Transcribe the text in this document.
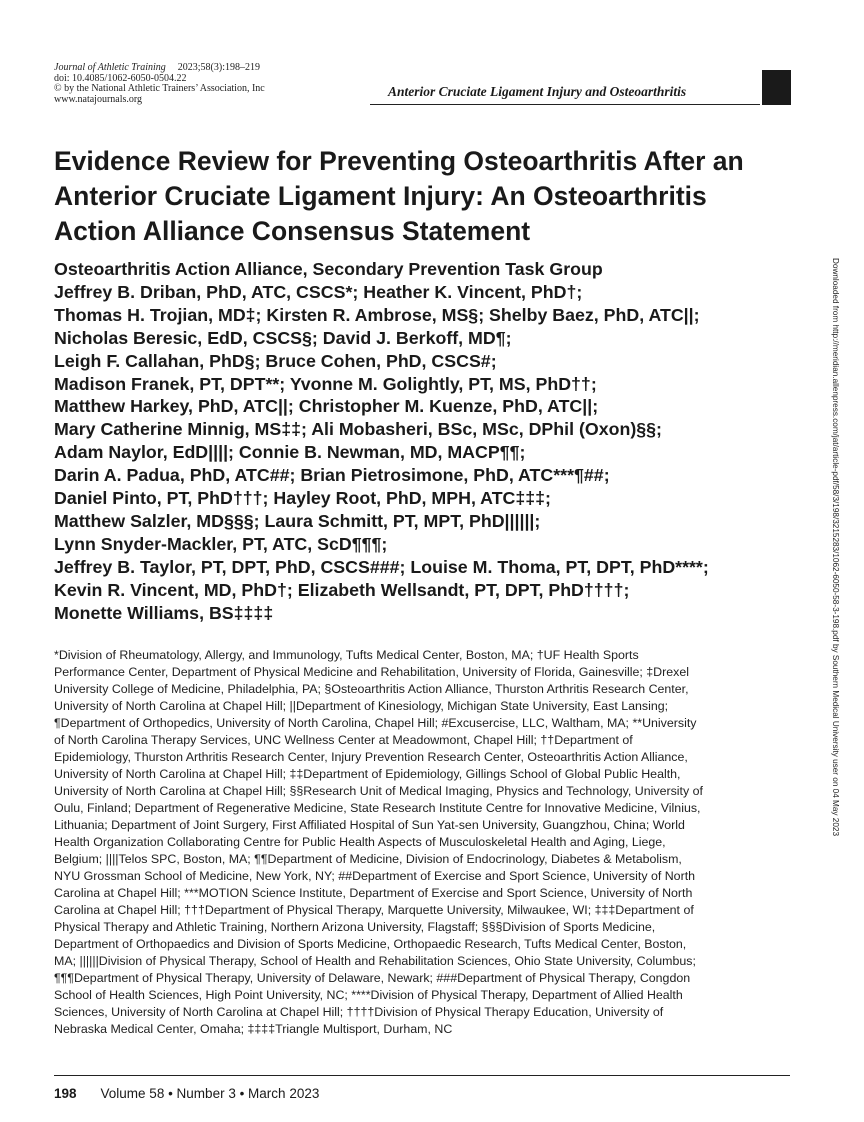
Journal of Athletic Training 2023;58(3):198–219
doi: 10.4085/1062-6050-0504.22
© by the National Athletic Trainers’ Association, Inc
www.natajournals.org	Anterior Cruciate Ligament Injury and Osteoarthritis
Evidence Review for Preventing Osteoarthritis After an
Anterior Cruciate Ligament Injury: An Osteoarthritis
Action Alliance Consensus Statement
Osteoarthritis Action Alliance, Secondary Prevention Task Group
Jeffrey B. Driban, PhD, ATC, CSCS*; Heather K. Vincent, PhD†;
Thomas H. Trojian, MD‡; Kirsten R. Ambrose, MS§; Shelby Baez, PhD, ATC||;
Nicholas Beresic, EdD, CSCS§; David J. Berkoff, MD¶;
Leigh F. Callahan, PhD§; Bruce Cohen, PhD, CSCS#;
Madison Franek, PT, DPT**; Yvonne M. Golightly, PT, MS, PhD††;
Matthew Harkey, PhD, ATC||; Christopher M. Kuenze, PhD, ATC||;
Mary Catherine Minnig, MS‡‡; Ali Mobasheri, BSc, MSc, DPhil (Oxon)§§;
Adam Naylor, EdD||||; Connie B. Newman, MD, MACP¶¶;
Darin A. Padua, PhD, ATC##; Brian Pietrosimone, PhD, ATC***¶##;
Daniel Pinto, PT, PhD†††; Hayley Root, PhD, MPH, ATC‡‡‡;
Matthew Salzler, MD§§§; Laura Schmitt, PT, MPT, PhD||||||;
Lynn Snyder-Mackler, PT, ATC, ScD¶¶¶;
Jeffrey B. Taylor, PT, DPT, PhD, CSCS###; Louise M. Thoma, PT, DPT, PhD****;
Kevin R. Vincent, MD, PhD†; Elizabeth Wellsandt, PT, DPT, PhD††††;
Monette Williams, BS‡‡‡‡
*Division of Rheumatology, Allergy, and Immunology, Tufts Medical Center, Boston, MA; †UF Health Sports
Performance Center, Department of Physical Medicine and Rehabilitation, University of Florida, Gainesville; ‡Drexel
University College of Medicine, Philadelphia, PA; §Osteoarthritis Action Alliance, Thurston Arthritis Research Center,
University of North Carolina at Chapel Hill; ||Department of Kinesiology, Michigan State University, East Lansing;
¶Department of Orthopedics, University of North Carolina, Chapel Hill; #Excusercise, LLC, Waltham, MA; **University
of North Carolina Therapy Services, UNC Wellness Center at Meadowmont, Chapel Hill; ††Department of
Epidemiology, Thurston Arthritis Research Center, Injury Prevention Research Center, Osteoarthritis Action Alliance,
University of North Carolina at Chapel Hill; ‡‡Department of Epidemiology, Gillings School of Global Public Health,
University of North Carolina at Chapel Hill; §§Research Unit of Medical Imaging, Physics and Technology, University of
Oulu, Finland; Department of Regenerative Medicine, State Research Institute Centre for Innovative Medicine, Vilnius,
Lithuania; Department of Joint Surgery, First Affiliated Hospital of Sun Yat-sen University, Guangzhou, China; World
Health Organization Collaborating Centre for Public Health Aspects of Musculoskeletal Health and Aging, Liege,
Belgium; ||||Telos SPC, Boston, MA; ¶¶Department of Medicine, Division of Endocrinology, Diabetes & Metabolism,
NYU Grossman School of Medicine, New York, NY; ##Department of Exercise and Sport Science, University of North
Carolina at Chapel Hill; ***MOTION Science Institute, Department of Exercise and Sport Science, University of North
Carolina at Chapel Hill; †††Department of Physical Therapy, Marquette University, Milwaukee, WI; ‡‡‡Department of
Physical Therapy and Athletic Training, Northern Arizona University, Flagstaff; §§§Division of Sports Medicine,
Department of Orthopaedics and Division of Sports Medicine, Orthopaedic Research, Tufts Medical Center, Boston,
MA; ||||||Division of Physical Therapy, School of Health and Rehabilitation Sciences, Ohio State University, Columbus;
¶¶¶Department of Physical Therapy, University of Delaware, Newark; ###Department of Physical Therapy, Congdon
School of Health Sciences, High Point University, NC; ****Division of Physical Therapy, Department of Allied Health
Sciences, University of North Carolina at Chapel Hill; ††††Division of Physical Therapy Education, University of
Nebraska Medical Center, Omaha; ‡‡‡‡Triangle Multisport, Durham, NC
Downloaded from http://meridian.allenpress.com/jat/article-pdf/58/3/198/3215283/1062-6050-58-3-198.pdf by Southern Medical University user on 04 May 2023
198 Volume 58 • Number 3 • March 2023
